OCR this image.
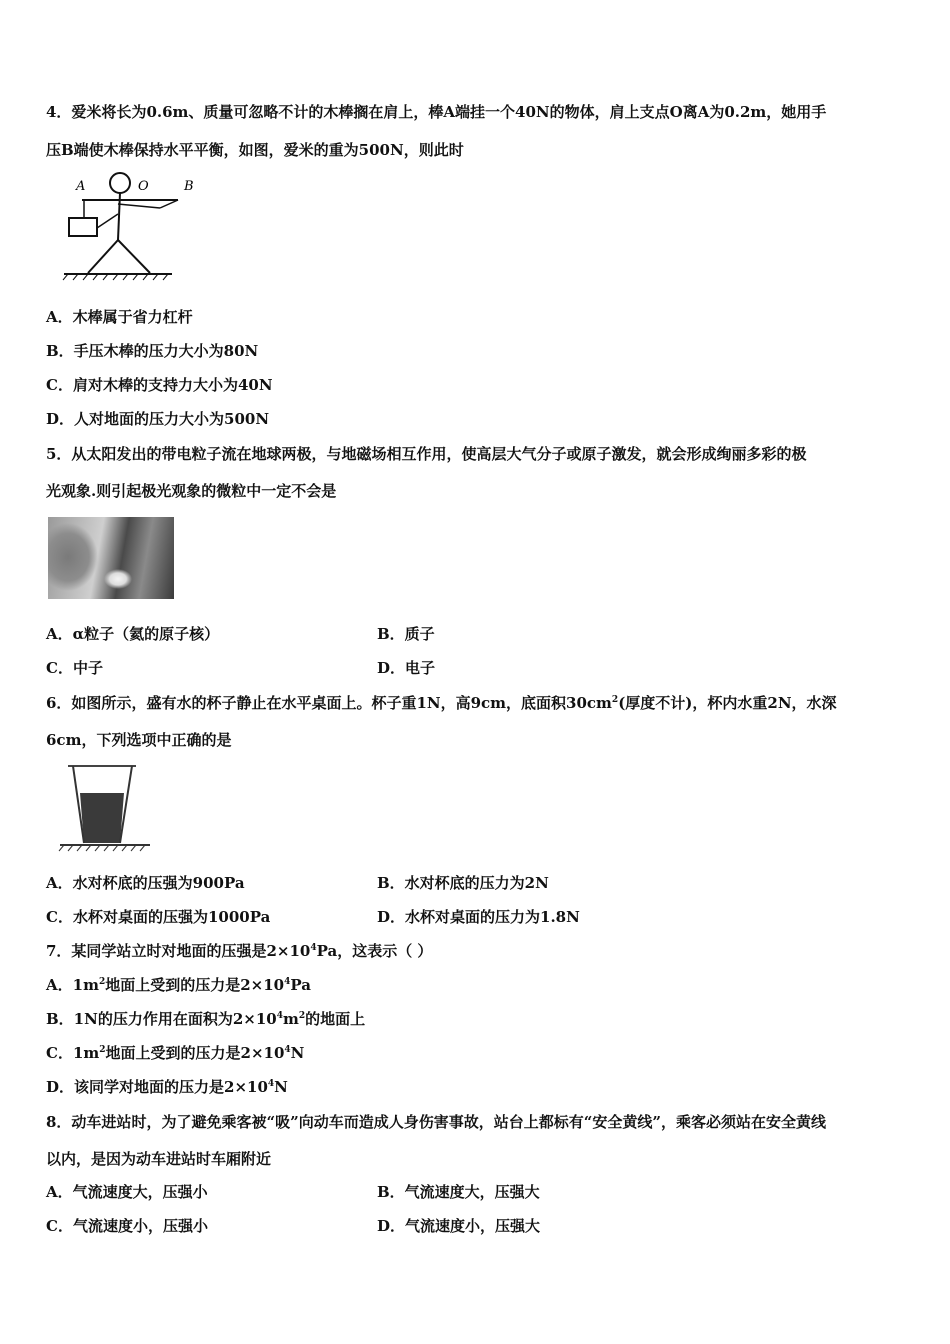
4．爱米将长为0.6m、质量可忽略不计的木棒搁在肩上，棒A端挂一个40N的物体，肩上支点O离A为0.2m，她用手
压B端使木棒保持水平平衡，如图，爱米的重为500N，则此时
A	O	B
A．木棒属于省力杠杆
B．手压木棒的压力大小为80N
C．肩对木棒的支持力大小为40N
D．人对地面的压力大小为500N
5．从太阳发出的带电粒子流在地球两极，与地磁场相互作用，使高层大气分子或原子激发，就会形成绚丽多彩的极
光观象.则引起极光观象的微粒中一定不会是
A．α粒子（氦的原子核）	B．质子
C．中子	D．电子
6．如图所示，盛有水的杯子静止在水平桌面上。杯子重1N，高9cm，底面积$30cm^2$(厚度不计)，杯内水重2N，水深
6cm，下列选项中正确的是
A．水对杯底的压强为900Pa	B．水对杯底的压力为2N
C．水杯对桌面的压强为1000Pa	D．水杯对桌面的压力为1.8N
7．某同学站立时对地面的压强是$2\times 10^4Pa$，这表示（ ）
A．$1m^2$地面上受到的压力是$2\times 10^4Pa$
B．1N的压力作用在面积为$2\times 10^4m^2$的地面上
C．$1m^2$地面上受到的压力是$2\times 10^4N$
D．该同学对地面的压力是$2\times 10^4N$
8．动车进站时，为了避免乘客被“吸”向动车而造成人身伤害事故，站台上都标有“安全黄线”，乘客必须站在安全黄线
以内，是因为动车进站时车厢附近
A．气流速度大，压强小	B．气流速度大，压强大
C．气流速度小，压强小	D．气流速度小，压强大
